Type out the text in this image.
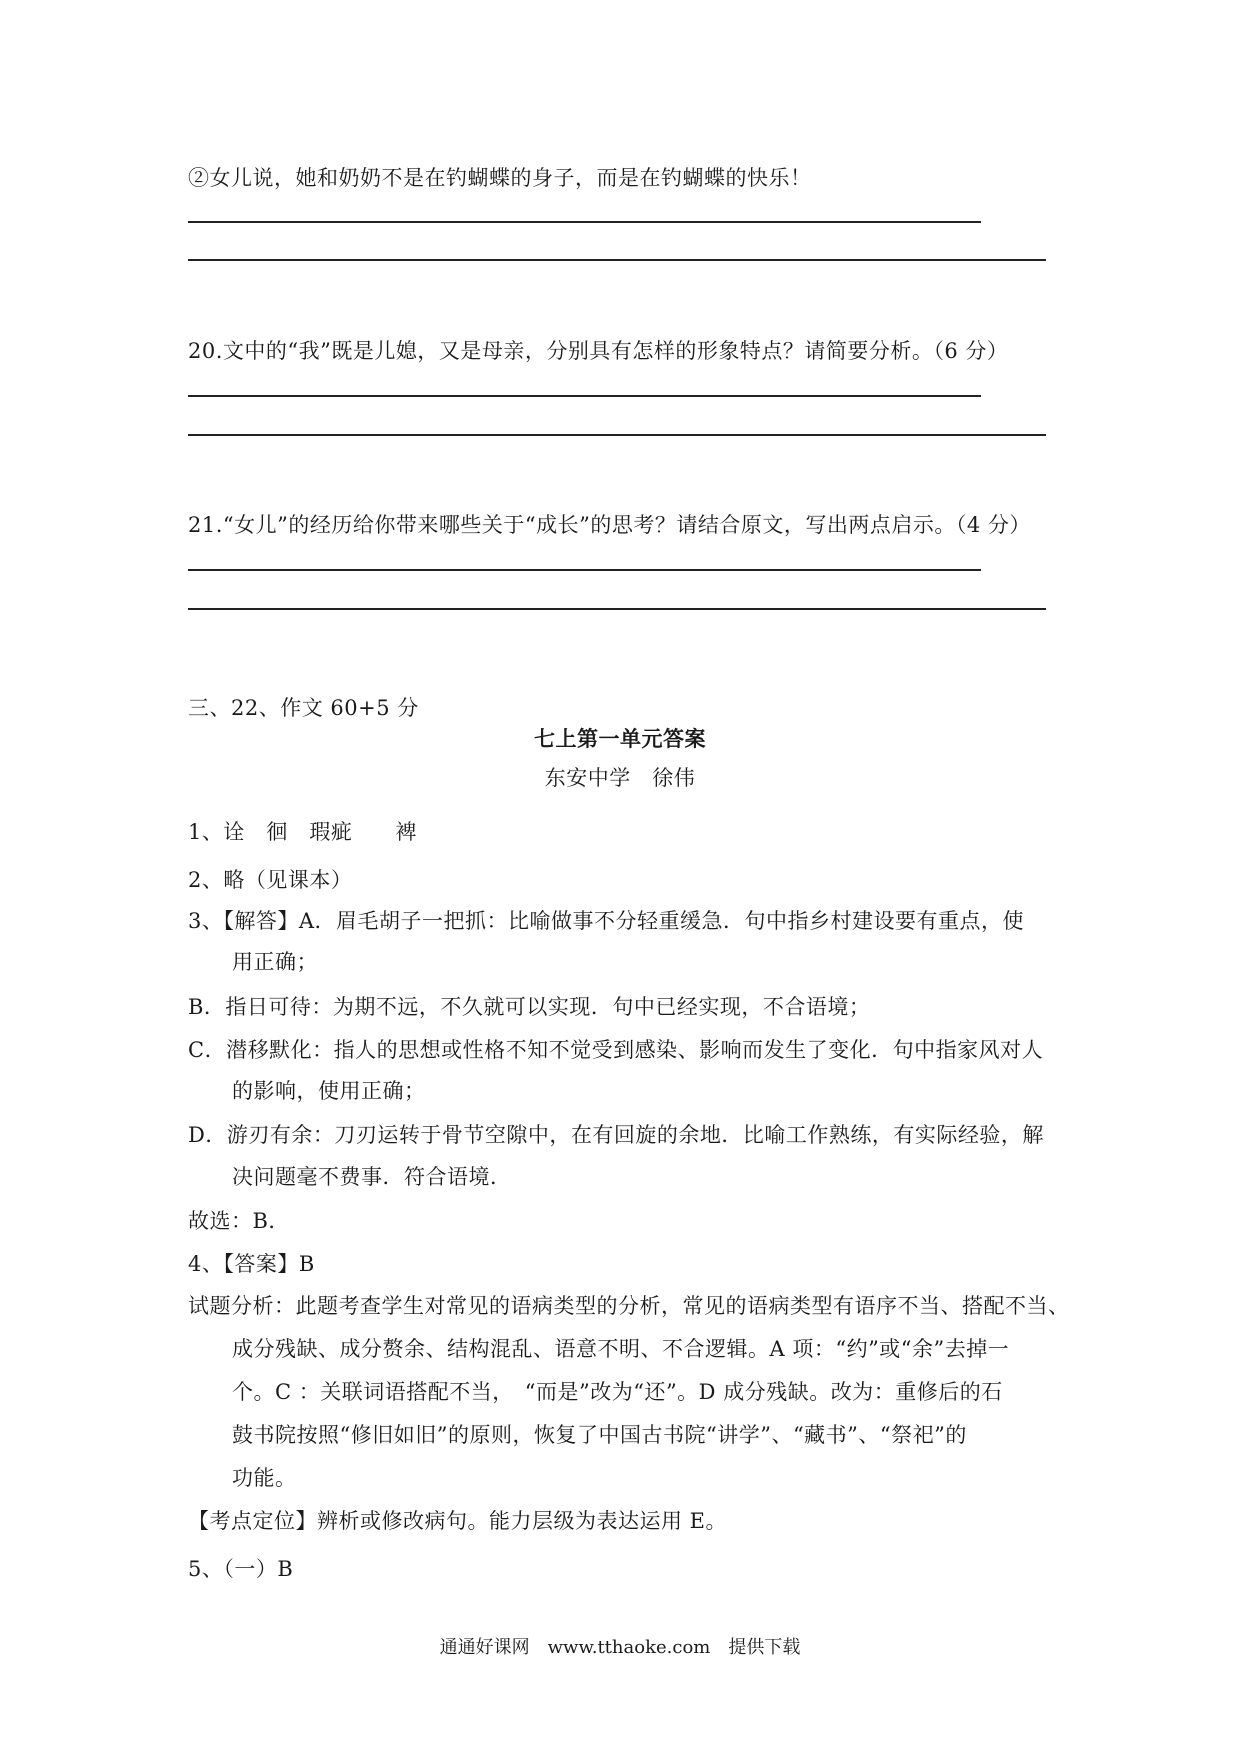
②女儿说，她和奶奶不是在钓蝴蝶的身子，而是在钓蝴蝶的快乐！
20.文中的“我”既是儿媳，又是母亲，分别具有怎样的形象特点？请简要分析。（6 分）
21.“女儿”的经历给你带来哪些关于“成长”的思考？请结合原文，写出两点启示。（4 分）
三、22、作文 60+5 分
七上第一单元答案
东安中学　徐伟
1、诠　徊　瑕疵　　裨
2、略（见课本）
3、【解答】A．眉毛胡子一把抓：比喻做事不分轻重缓急．句中指乡村建设要有重点，使
用正确；
B．指日可待：为期不远，不久就可以实现．句中已经实现，不合语境；
C．潜移默化：指人的思想或性格不知不觉受到感染、影响而发生了变化．句中指家风对人
的影响，使用正确；
D．游刃有余：刀刃运转于骨节空隙中，在有回旋的余地．比喻工作熟练，有实际经验，解
决问题毫不费事．符合语境．
故选：B．
4、【答案】B
试题分析：此题考查学生对常见的语病类型的分析，常见的语病类型有语序不当、搭配不当、
成分残缺、成分赘余、结构混乱、语意不明、不合逻辑。A 项：“约”或“余”去掉一
个。C ：关联词语搭配不当，　“而是”改为“还”。D 成分残缺。改为：重修后的石
鼓书院按照“修旧如旧”的原则，恢复了中国古书院“讲学”、“藏书”、“祭祀”的
功能。
【考点定位】辨析或修改病句。能力层级为表达运用 E。
5、（一）B
通通好课网　www.tthaoke.com　提供下载
